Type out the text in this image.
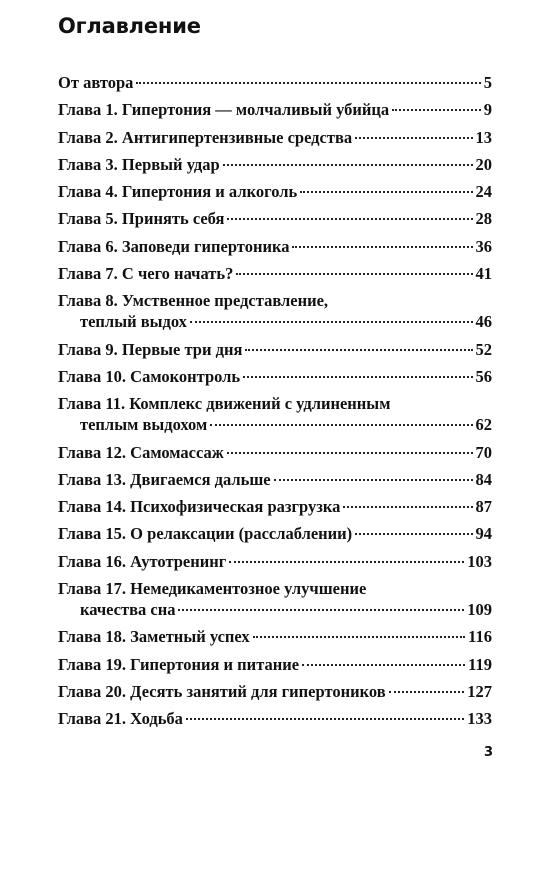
Оглавление
От автора	5
Глава 1. Гипертония — молчаливый убийца	9
Глава 2. Антигипертензивные средства	13
Глава 3. Первый удар	20
Глава 4. Гипертония и алкоголь	24
Глава 5. Принять себя	28
Глава 6. Заповеди гипертоника	36
Глава 7. С чего начать?	41
Глава 8. Умственное представление,
теплый выдох	46
Глава 9. Первые три дня	52
Глава 10. Самоконтроль	56
Глава 11. Комплекс движений с удлиненным
теплым выдохом	62
Глава 12. Самомассаж	70
Глава 13. Двигаемся дальше	84
Глава 14. Психофизическая разгрузка	87
Глава 15. О релаксации (расслаблении)	94
Глава 16. Аутотренинг	103
Глава 17. Немедикаментозное улучшение
качества сна	109
Глава 18. Заметный успех	116
Глава 19. Гипертония и питание	119
Глава 20. Десять занятий для гипертоников	127
Глава 21. Ходьба	133
3
